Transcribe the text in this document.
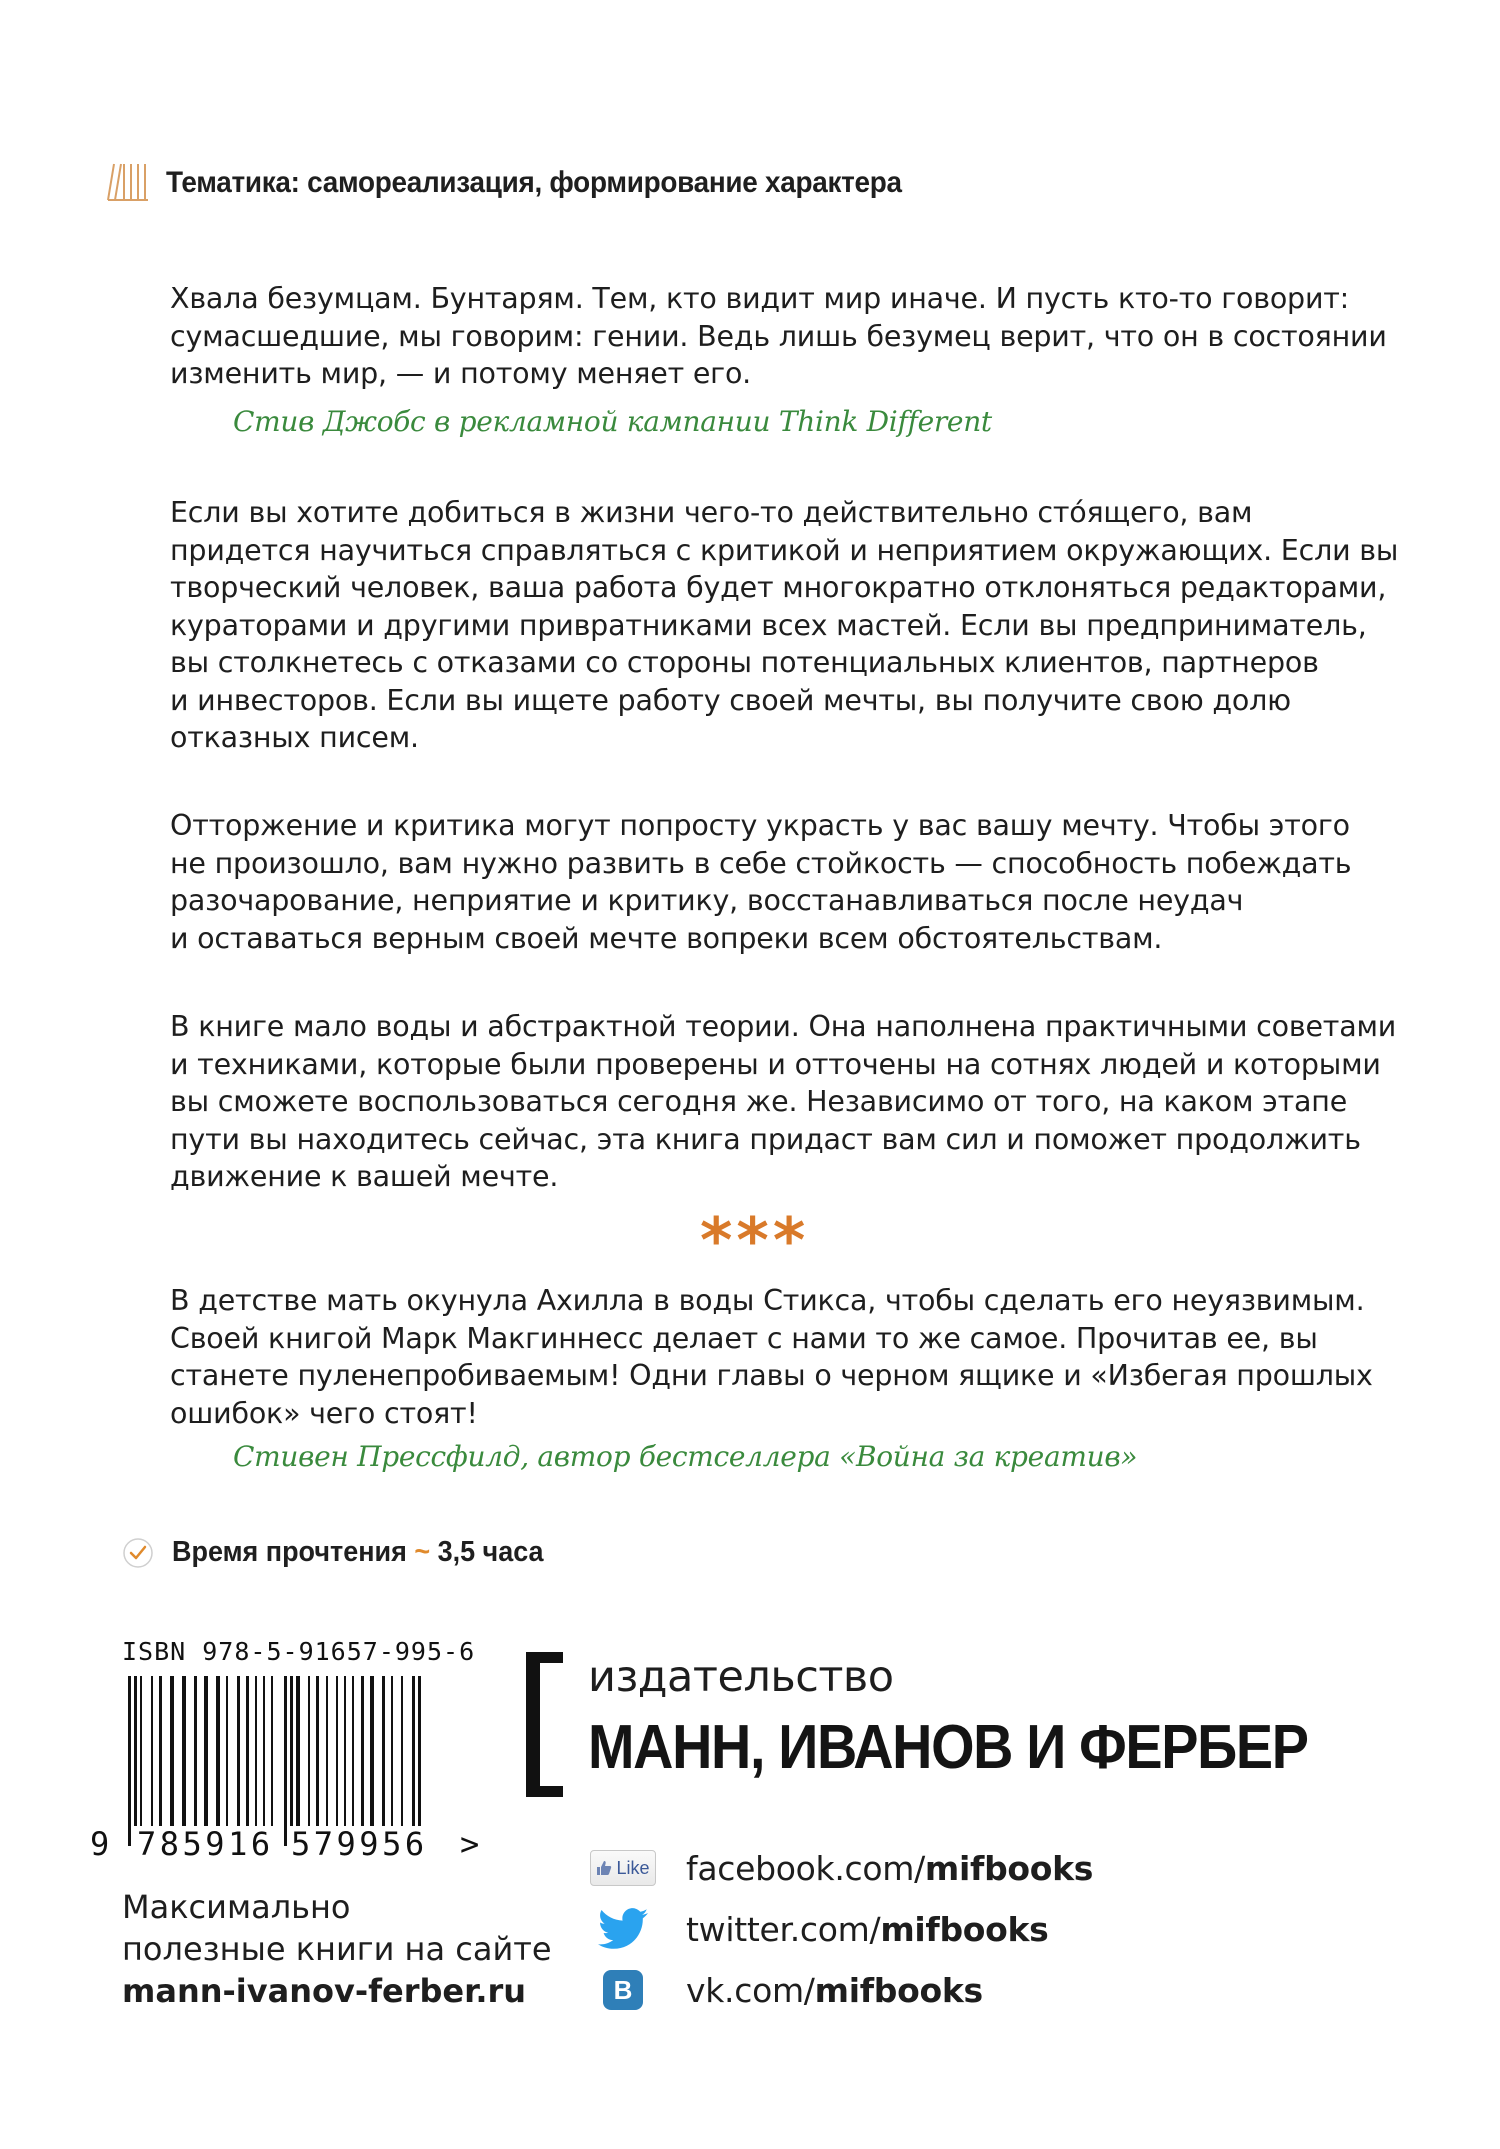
Тематика: самореализация, формирование характера

Хвала безумцам. Бунтарям. Тем, кто видит мир иначе. И пусть кто-то говорит:
сумасшедшие, мы говорим: гении. Ведь лишь безумец верит, что он в состоянии
изменить мир, — и потому меняет его.

Стив Джобс в рекламной кампании Think Different

Если вы хотите добиться в жизни чего-то действительно сто́ящего, вам
придется научиться справляться с критикой и неприятием окружающих. Если вы
творческий человек, ваша работа будет многократно отклоняться редакторами,
кураторами и другими привратниками всех мастей. Если вы предприниматель,
вы столкнетесь с отказами со стороны потенциальных клиентов, партнеров
и инвесторов. Если вы ищете работу своей мечты, вы получите свою долю
отказных писем.

Отторжение и критика могут попросту украсть у вас вашу мечту. Чтобы этого
не произошло, вам нужно развить в себе стойкость — способность побеждать
разочарование, неприятие и критику, восстанавливаться после неудач
и оставаться верным своей мечте вопреки всем обстоятельствам.

В книге мало воды и абстрактной теории. Она наполнена практичными советами
и техниками, которые были проверены и отточены на сотнях людей и которыми
вы сможете воспользоваться сегодня же. Независимо от того, на каком этапе
пути вы находитесь сейчас, эта книга придаст вам сил и поможет продолжить
движение к вашей мечте.

***

В детстве мать окунула Ахилла в воды Стикса, чтобы сделать его неуязвимым.
Своей книгой Марк Макгиннесс делает с нами то же самое. Прочитав ее, вы
станете пуленепробиваемым! Одни главы о черном ящике и «Избегая прошлых
ошибок» чего стоят!

Стивен Прессфилд, автор бестселлера «Война за креатив»
Время прочтения ~ 3,5 часа
ISBN 978-5-91657-995-6
9 785916 579956 >
Максимально
полезные книги на сайте
mann-ivanov-ferber.ru
издательство
МАНН, ИВАНОВ И ФЕРБЕР
Like facebook.com/mifbooks
twitter.com/mifbooks
В vk.com/mifbooks
